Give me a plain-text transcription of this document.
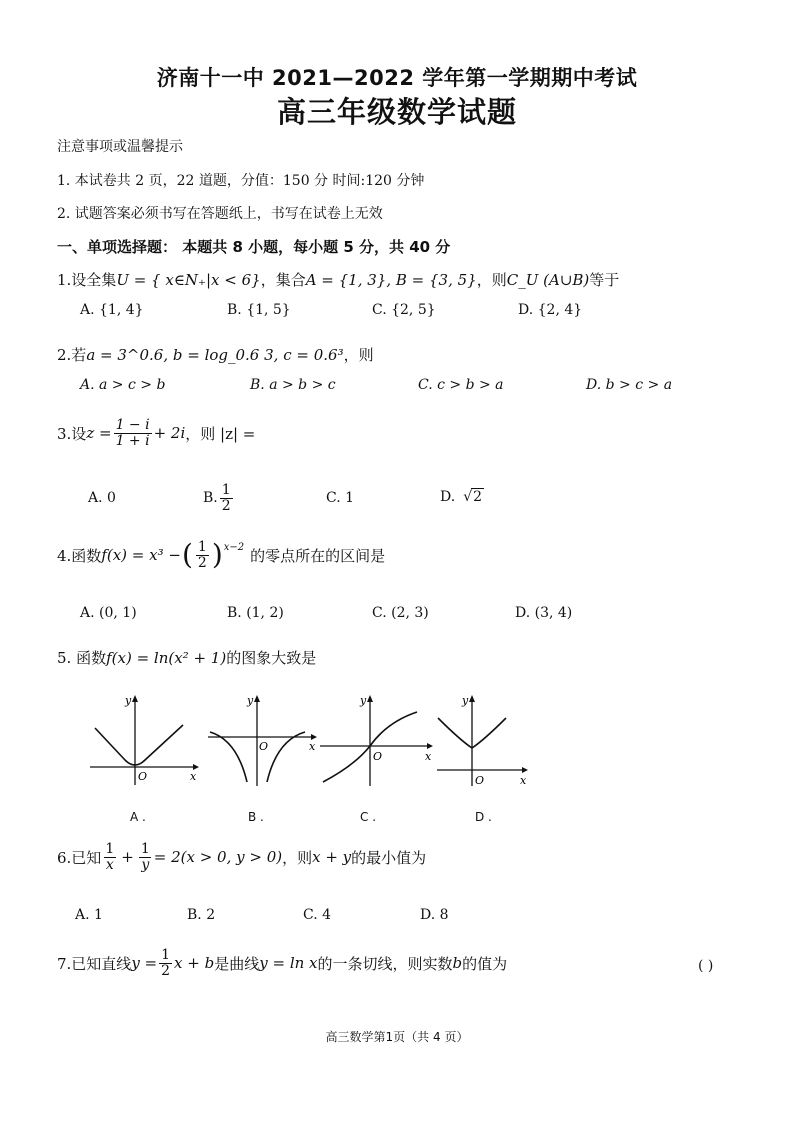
济南十一中 2021—2022 学年第一学期期中考试
高三年级数学试题
注意事项或温馨提示
1. 本试卷共 2 页，22 道题，分值：150 分 时间:120 分钟
2. 试题答案必须书写在答题纸上，书写在试卷上无效
一、单项选择题： 本题共 8 小题，每小题 5 分，共 40 分
1.设全集 U = { x∈N₊|x < 6} ，集合 A = {1, 3}, B = {3, 5} ，则 C_U (A∪B) 等于
A. {1, 4}	B. {1, 5}	C. {2, 5}	D. {2, 4}
2.若 a = 3^0.6, b = log_0.6 3, c = 0.6³ ，则
A. a > c > b	B. a > b > c	C. c > b > a	D. b > c > a
3.设 $z = \frac{1 - i}{1 + i} + 2i$ ，则 |z| =
A. 0	B. $\frac{1}{2}$	C. 1	D. √ 2
4.函数 f(x) = x³ − ( $\frac{1}{2}$ ) x−2 的零点所在的区间是
A. (0, 1)	B. (1, 2)	C. (2, 3)	D. (3, 4)
5. 函数 f(x) = ln(x² + 1) 的图象大致是
y
x
O
y
x
O
y
x
O
y
x
O
A .	B .	C .	D .
6.已知 $\frac{1}{x} + \frac{1}{y} = 2(x > 0$, y > 0) ，则 x + y 的最小值为
A. 1	B. 2	C. 4	D. 8
7.已知直线 $y = \frac{1}{2}$ x + b 是曲线 y = ln x 的一条切线，则实数 b 的值为	( )
高三数学第1页（共 4 页）
